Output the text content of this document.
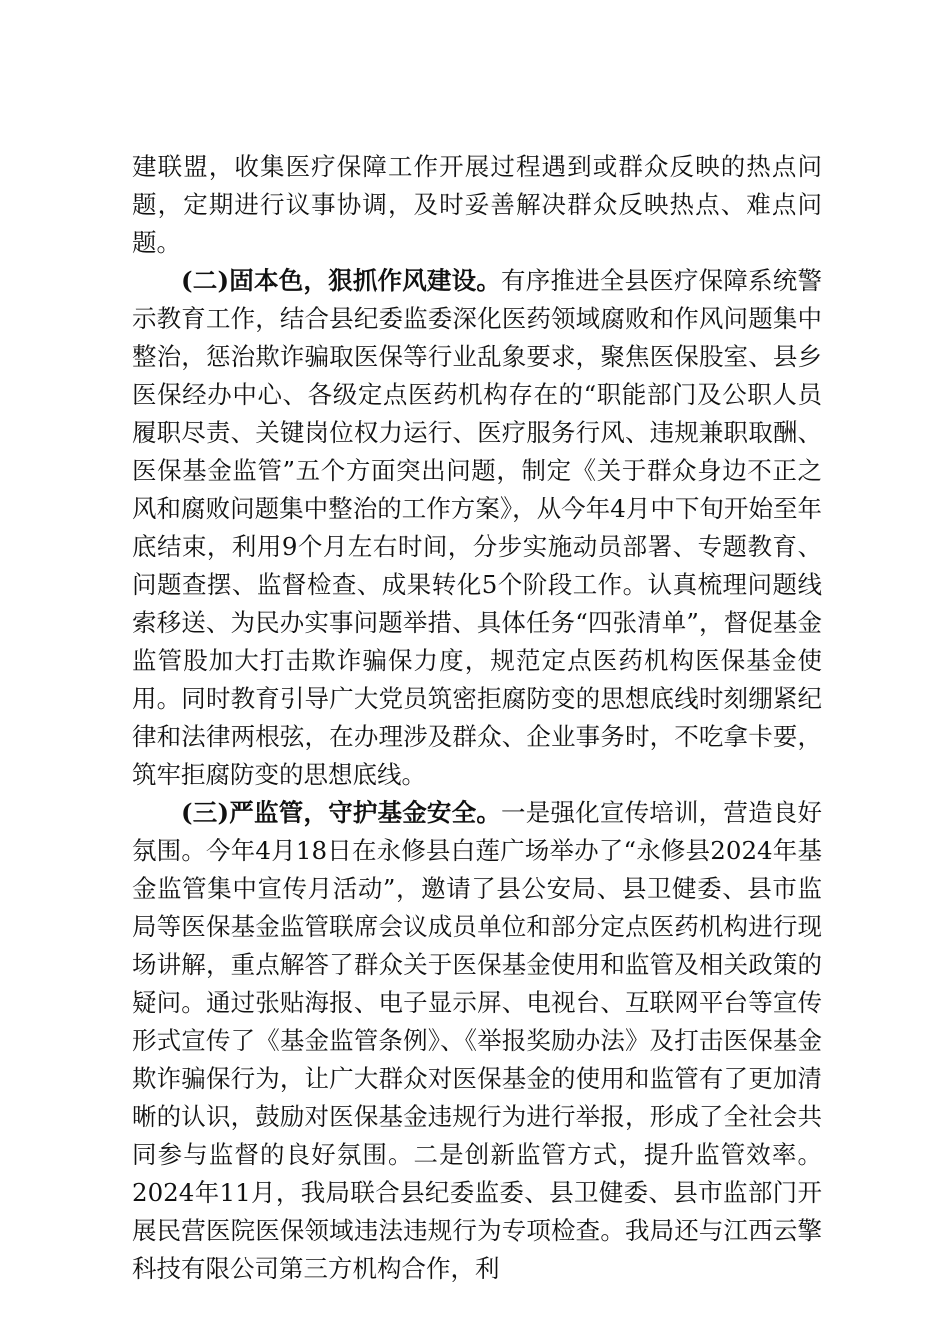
建联盟，收集医疗保障工作开展过程遇到或群众反映的热点问题，定期进行议事协调，及时妥善解决群众反映热点、难点问题。

(二)固本色，狠抓作风建设。有序推进全县医疗保障系统警示教育工作，结合县纪委监委深化医药领域腐败和作风问题集中整治，惩治欺诈骗取医保等行业乱象要求，聚焦医保股室、县乡医保经办中心、各级定点医药机构存在的“职能部门及公职人员履职尽责、关键岗位权力运行、医疗服务行风、违规兼职取酬、医保基金监管”五个方面突出问题，制定《关于群众身边不正之风和腐败问题集中整治的工作方案》，从今年4月中下旬开始至年底结束，利用9个月左右时间，分步实施动员部署、专题教育、问题查摆、监督检查、成果转化5个阶段工作。认真梳理问题线索移送、为民办实事问题举措、具体任务“四张清单”，督促基金监管股加大打击欺诈骗保力度，规范定点医药机构医保基金使用。同时教育引导广大党员筑密拒腐防变的思想底线时刻绷紧纪律和法律两根弦，在办理涉及群众、企业事务时，不吃拿卡要，筑牢拒腐防变的思想底线。

(三)严监管，守护基金安全。一是强化宣传培训，营造良好氛围。今年4月18日在永修县白莲广场举办了“永修县2024年基金监管集中宣传月活动”，邀请了县公安局、县卫健委、县市监局等医保基金监管联席会议成员单位和部分定点医药机构进行现场讲解，重点解答了群众关于医保基金使用和监管及相关政策的疑问。通过张贴海报、电子显示屏、电视台、互联网平台等宣传形式宣传了《基金监管条例》、《举报奖励办法》及打击医保基金欺诈骗保行为，让广大群众对医保基金的使用和监管有了更加清晰的认识，鼓励对医保基金违规行为进行举报，形成了全社会共同参与监督的良好氛围。二是创新监管方式，提升监管效率。2024年11月，我局联合县纪委监委、县卫健委、县市监部门开展民营医院医保领域违法违规行为专项检查。我局还与江西云擎科技有限公司第三方机构合作，利
